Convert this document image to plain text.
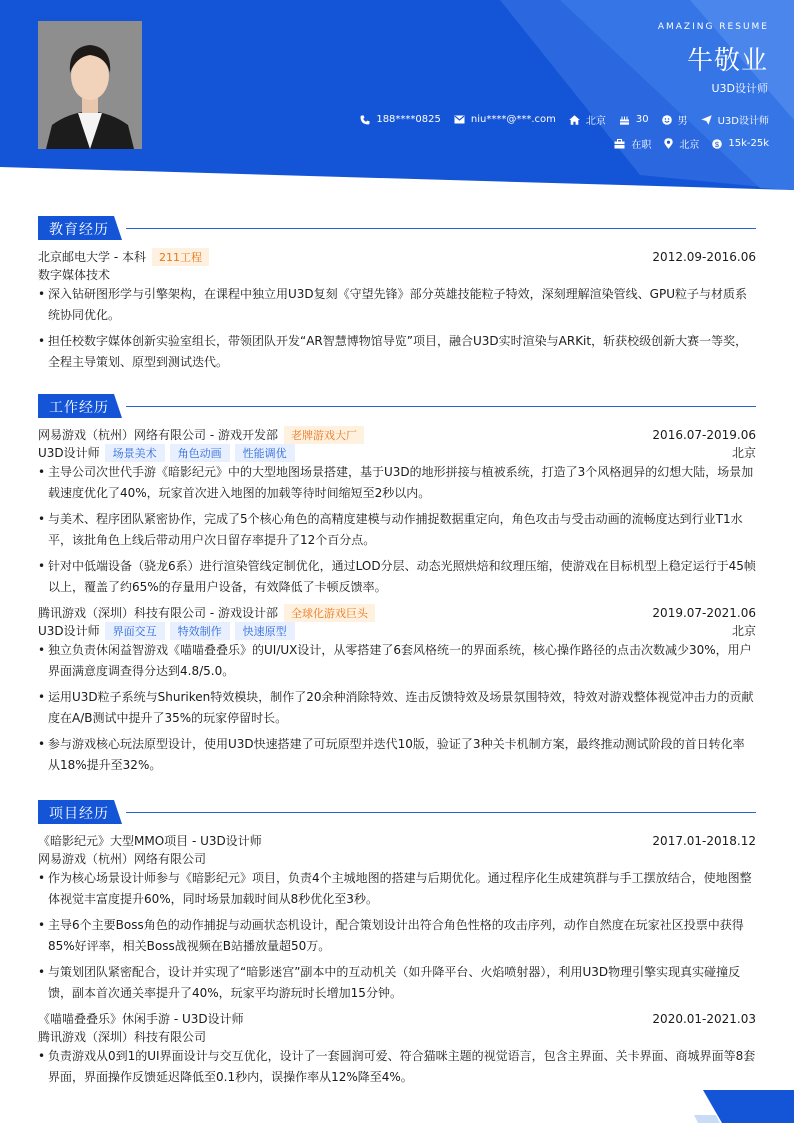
AMAZING RESUME
牛敬业
U3D设计师
188****0825	niu****@***.com	北京	30	男	U3D设计师
在职	北京 $ 15k-25k
教育经历
北京邮电大学 - 本科	211工程	2012.09-2016.06
数字媒体技术
• 深入钻研图形学与引擎架构，在课程中独立用U3D复刻《守望先锋》部分英雄技能粒子特效，深刻理解渲染管线、GPU粒子与材质系统协同优化。
• 担任校数字媒体创新实验室组长，带领团队开发“AR智慧博物馆导览”项目，融合U3D实时渲染与ARKit，斩获校级创新大赛一等奖，全程主导策划、原型到测试迭代。
工作经历
网易游戏（杭州）网络有限公司 - 游戏开发部	老牌游戏大厂	2016.07-2019.06
U3D设计师	场景美术	角色动画	性能调优	北京
• 主导公司次世代手游《暗影纪元》中的大型地图场景搭建，基于U3D的地形拼接与植被系统，打造了3个风格迥异的幻想大陆，场景加载速度优化了40%，玩家首次进入地图的加载等待时间缩短至2秒以内。
• 与美术、程序团队紧密协作，完成了5个核心角色的高精度建模与动作捕捉数据重定向，角色攻击与受击动画的流畅度达到行业T1水平，该批角色上线后带动用户次日留存率提升了12个百分点。
• 针对中低端设备（骁龙6系）进行渲染管线定制优化，通过LOD分层、动态光照烘焙和纹理压缩，使游戏在目标机型上稳定运行于45帧以上，覆盖了约65%的存量用户设备，有效降低了卡顿反馈率。
腾讯游戏（深圳）科技有限公司 - 游戏设计部	全球化游戏巨头	2019.07-2021.06
U3D设计师	界面交互	特效制作	快速原型	北京
• 独立负责休闲益智游戏《喵喵叠叠乐》的UI/UX设计，从零搭建了6套风格统一的界面系统，核心操作路径的点击次数减少30%，用户界面满意度调查得分达到4.8/5.0。
• 运用U3D粒子系统与Shuriken特效模块，制作了20余种消除特效、连击反馈特效及场景氛围特效，特效对游戏整体视觉冲击力的贡献度在A/B测试中提升了35%的玩家停留时长。
• 参与游戏核心玩法原型设计，使用U3D快速搭建了可玩原型并迭代10版，验证了3种关卡机制方案，最终推动测试阶段的首日转化率从18%提升至32%。
项目经历
《暗影纪元》大型MMO项目 - U3D设计师	2017.01-2018.12
网易游戏（杭州）网络有限公司
• 作为核心场景设计师参与《暗影纪元》项目，负责4个主城地图的搭建与后期优化。通过程序化生成建筑群与手工摆放结合，使地图整体视觉丰富度提升60%，同时场景加载时间从8秒优化至3秒。
• 主导6个主要Boss角色的动作捕捉与动画状态机设计，配合策划设计出符合角色性格的攻击序列，动作自然度在玩家社区投票中获得85%好评率，相关Boss战视频在B站播放量超50万。
• 与策划团队紧密配合，设计并实现了“暗影迷宫”副本中的互动机关（如升降平台、火焰喷射器），利用U3D物理引擎实现真实碰撞反馈，副本首次通关率提升了40%，玩家平均游玩时长增加15分钟。
《喵喵叠叠乐》休闲手游 - U3D设计师	2020.01-2021.03
腾讯游戏（深圳）科技有限公司
• 负责游戏从0到1的UI界面设计与交互优化，设计了一套圆润可爱、符合猫咪主题的视觉语言，包含主界面、关卡界面、商城界面等8套界面，界面操作反馈延迟降低至0.1秒内，误操作率从12%降至4%。
